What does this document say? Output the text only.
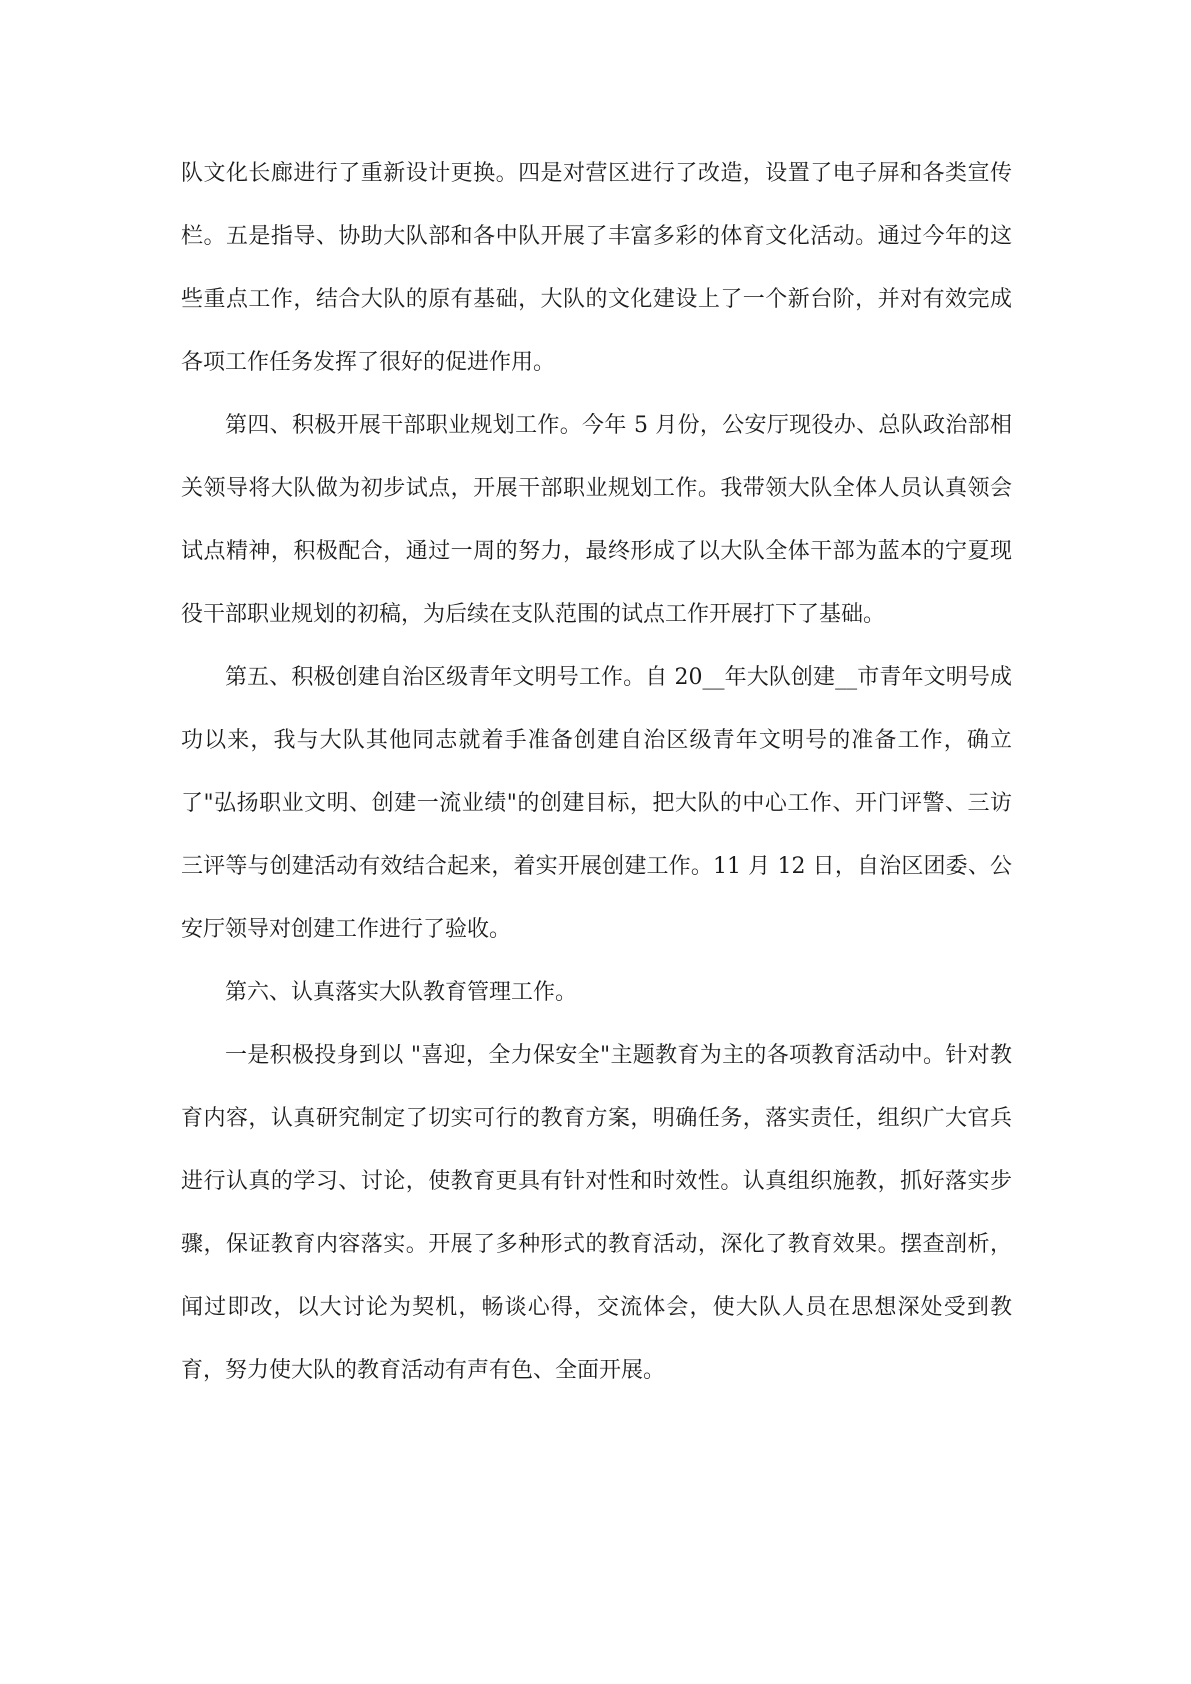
队文化长廊进行了重新设计更换。四是对营区进行了改造，设置了电子屏和各类宣传栏。五是指导、协助大队部和各中队开展了丰富多彩的体育文化活动。通过今年的这些重点工作，结合大队的原有基础，大队的文化建设上了一个新台阶，并对有效完成各项工作任务发挥了很好的促进作用。

第四、积极开展干部职业规划工作。今年 5 月份，公安厅现役办、总队政治部相关领导将大队做为初步试点，开展干部职业规划工作。我带领大队全体人员认真领会试点精神，积极配合，通过一周的努力，最终形成了以大队全体干部为蓝本的宁夏现役干部职业规划的初稿，为后续在支队范围的试点工作开展打下了基础。

第五、积极创建自治区级青年文明号工作。自 20__年大队创建__市青年文明号成功以来，我与大队其他同志就着手准备创建自治区级青年文明号的准备工作，确立了"弘扬职业文明、创建一流业绩"的创建目标，把大队的中心工作、开门评警、三访三评等与创建活动有效结合起来，着实开展创建工作。11 月 12 日，自治区团委、公安厅领导对创建工作进行了验收。

第六、认真落实大队教育管理工作。

一是积极投身到以 "喜迎，全力保安全"主题教育为主的各项教育活动中。针对教育内容，认真研究制定了切实可行的教育方案，明确任务，落实责任，组织广大官兵进行认真的学习、讨论，使教育更具有针对性和时效性。认真组织施教，抓好落实步骤，保证教育内容落实。开展了多种形式的教育活动，深化了教育效果。摆查剖析，闻过即改，以大讨论为契机，畅谈心得，交流体会，使大队人员在思想深处受到教育，努力使大队的教育活动有声有色、全面开展。
